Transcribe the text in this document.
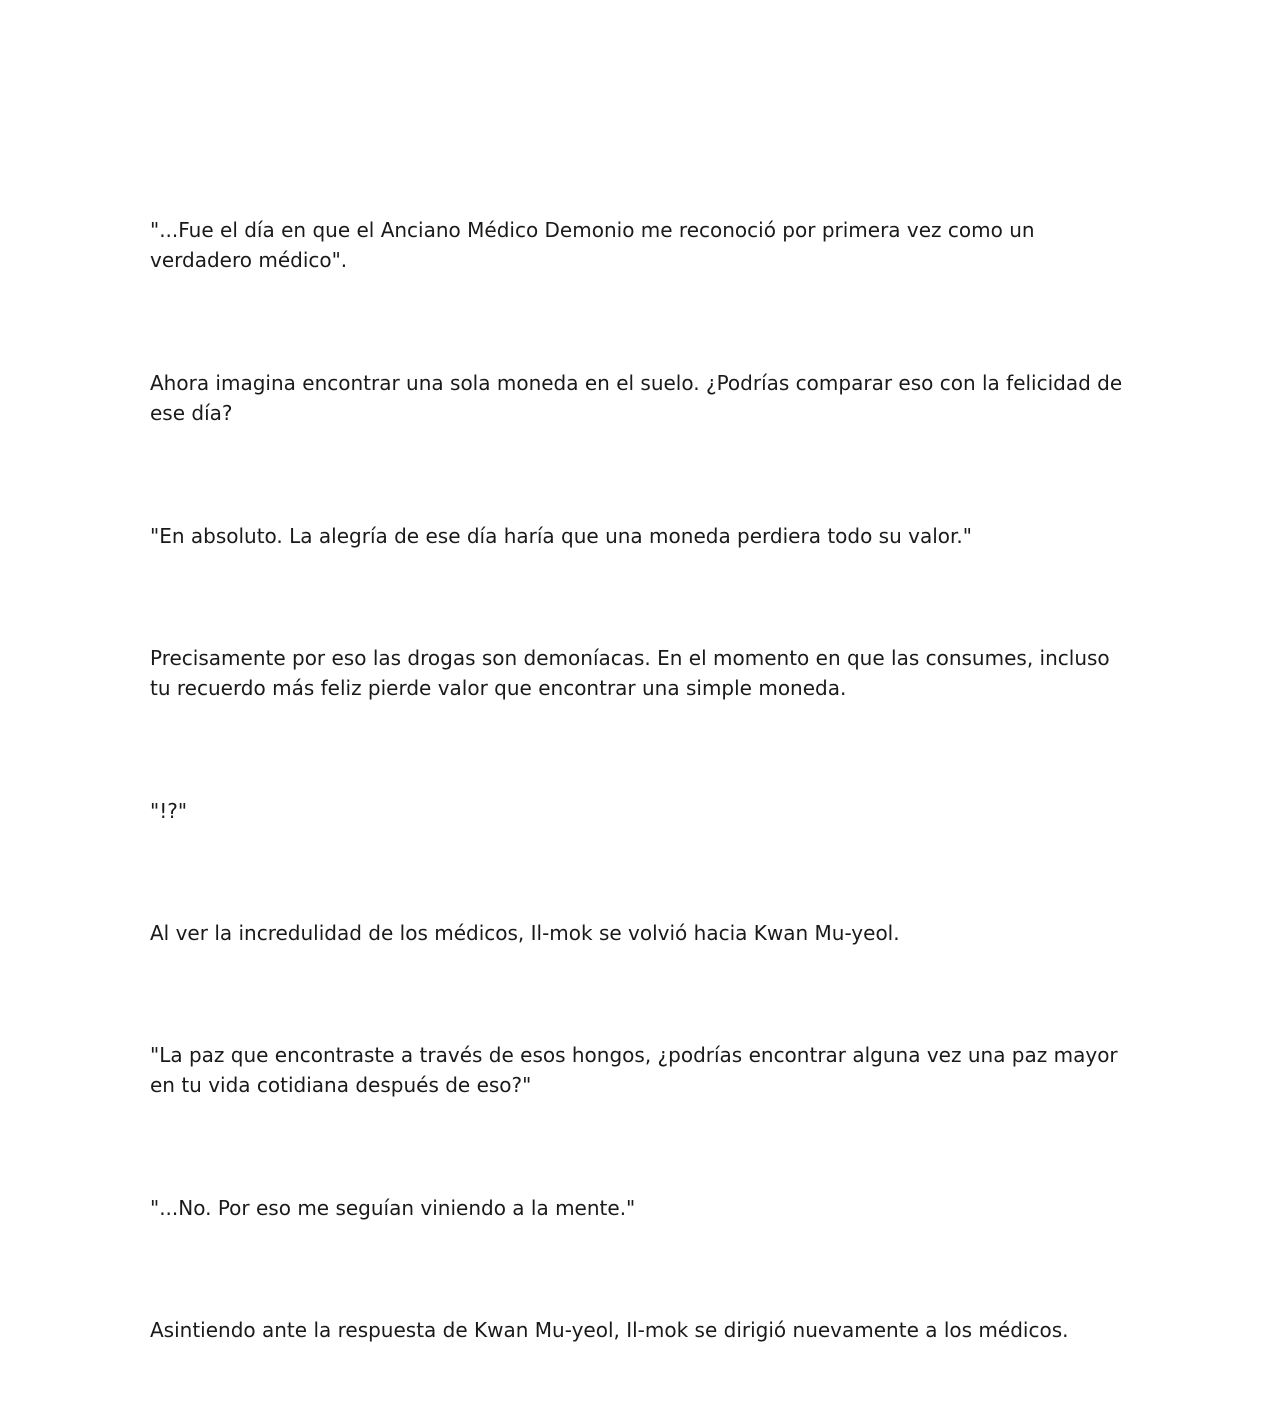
"...Fue el día en que el Anciano Médico Demonio me reconoció por primera vez como un verdadero médico".

Ahora imagina encontrar una sola moneda en el suelo. ¿Podrías comparar eso con la felicidad de ese día?

"En absoluto. La alegría de ese día haría que una moneda perdiera todo su valor."

Precisamente por eso las drogas son demoníacas. En el momento en que las consumes, incluso tu recuerdo más feliz pierde valor que encontrar una simple moneda.

"!?"

Al ver la incredulidad de los médicos, Il-mok se volvió hacia Kwan Mu-yeol.

"La paz que encontraste a través de esos hongos, ¿podrías encontrar alguna vez una paz mayor en tu vida cotidiana después de eso?"

"...No. Por eso me seguían viniendo a la mente."

Asintiendo ante la respuesta de Kwan Mu-yeol, Il-mok se dirigió nuevamente a los médicos.
